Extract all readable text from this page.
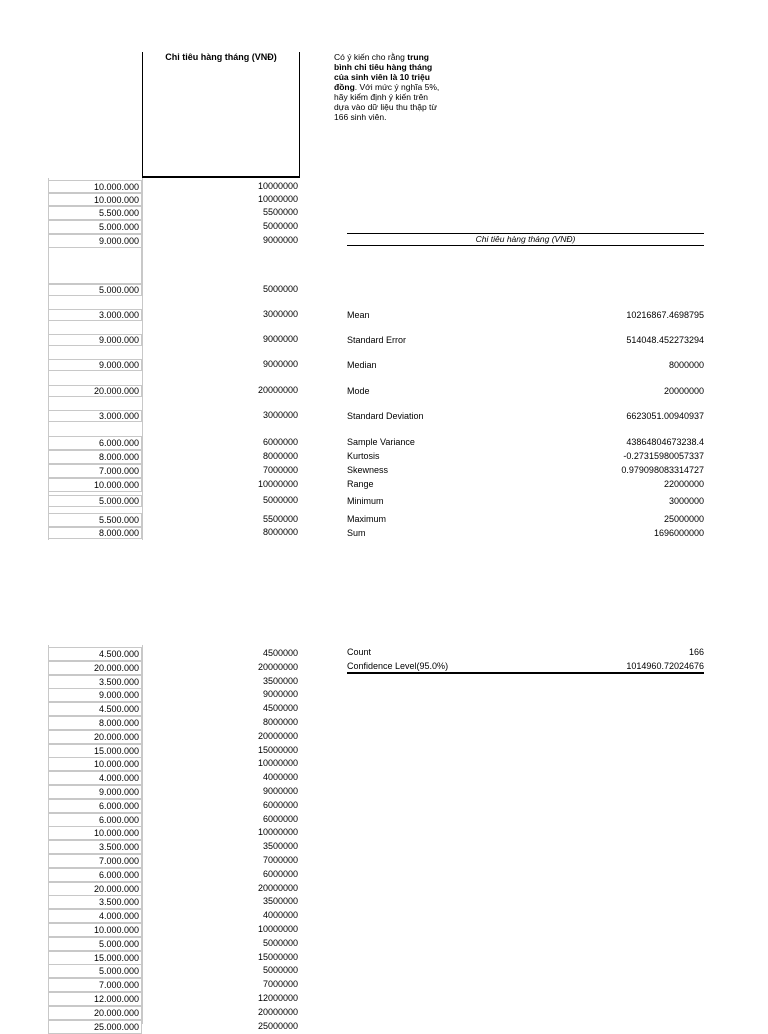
Chi tiêu hàng tháng (VNĐ)	Có ý kiến cho rằng trung bình chi tiêu hàng tháng của sinh viên là 10 triệu đồng. Với mức ý nghĩa 5%, hãy kiểm định ý kiến trên dựa vào dữ liệu thu thập từ 166 sinh viên.
Chi tiêu hàng tháng (VNĐ)
10.000.000	10000000
10.000.000	10000000
5.500.000	5500000
5.000.000	5000000
9.000.000	9000000
5.000.000	5000000
3.000.000	3000000
9.000.000	9000000
9.000.000	9000000
20.000.000	20000000
3.000.000	3000000
6.000.000	6000000
8.000.000	8000000
7.000.000	7000000
10.000.000	10000000
5.000.000	5000000
5.500.000	5500000
8.000.000	8000000
Mean	10216867.4698795
Standard Error	514048.452273294
Median	8000000
Mode	20000000
Standard Deviation	6623051.00940937
Sample Variance	43864804673238.4
Kurtosis	-0.27315980057337
Skewness	0.979098083314727
Range	22000000
Minimum	3000000
Maximum	25000000
Sum	1696000000
4.500.000	4500000
20.000.000	20000000
3.500.000	3500000
9.000.000	9000000
4.500.000	4500000
8.000.000	8000000
20.000.000	20000000
15.000.000	15000000
10.000.000	10000000
4.000.000	4000000
9.000.000	9000000
6.000.000	6000000
6.000.000	6000000
10.000.000	10000000
3.500.000	3500000
7.000.000	7000000
6.000.000	6000000
20.000.000	20000000
3.500.000	3500000
4.000.000	4000000
10.000.000	10000000
5.000.000	5000000
15.000.000	15000000
5.000.000	5000000
7.000.000	7000000
12.000.000	12000000
20.000.000	20000000
25.000.000	25000000
Count	166
Confidence Level(95.0%)	1014960.72024676
